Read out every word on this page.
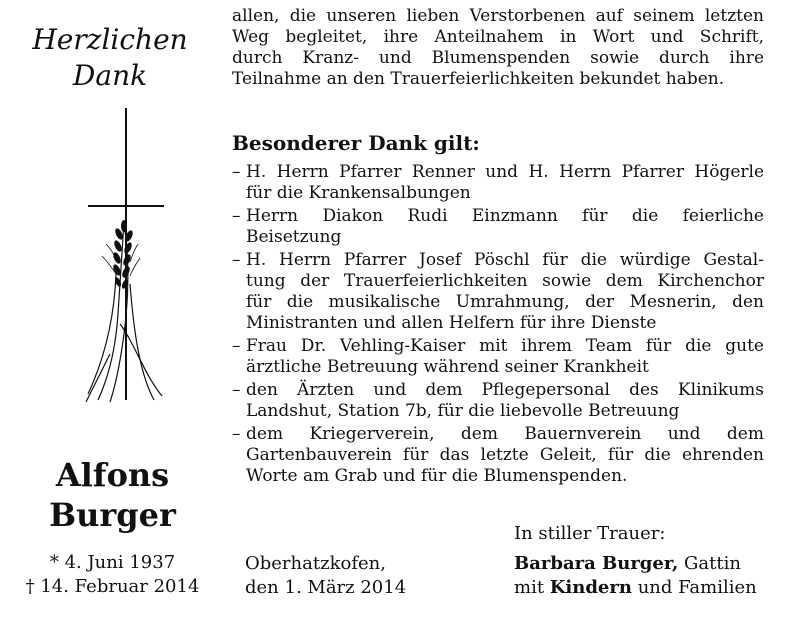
Herzlichen
Dank
Alfons
Burger
* 4. Juni 1937
† 14. Februar 2014
allen, die unseren lieben Verstorbenen auf seinem letzten
Weg begleitet, ihre Anteilnahem in Wort und Schrift,
durch Kranz- und Blumenspenden sowie durch ihre
Teilnahme an den Trauerfeierlichkeiten bekundet haben.
Besonderer Dank gilt:
– H. Herrn Pfarrer Renner und H. Herrn Pfarrer Högerle
für die Krankensalbungen
– Herrn Diakon Rudi Einzmann für die feierliche
Beisetzung
– H. Herrn Pfarrer Josef Pöschl für die würdige Gestal-
tung der Trauerfeierlichkeiten sowie dem Kirchenchor
für die musikalische Umrahmung, der Mesnerin, den
Ministranten und allen Helfern für ihre Dienste
– Frau Dr. Vehling-Kaiser mit ihrem Team für die gute
ärztliche Betreuung während seiner Krankheit
– den Ärzten und dem Pflegepersonal des Klinikums
Landshut, Station 7b, für die liebevolle Betreuung
– dem Kriegerverein, dem Bauernverein und dem
Gartenbauverein für das letzte Geleit, für die ehrenden
Worte am Grab und für die Blumenspenden.
Oberhatzkofen,
den 1. März 2014
In stiller Trauer:
Barbara Burger, Gattin
mit Kindern und Familien
